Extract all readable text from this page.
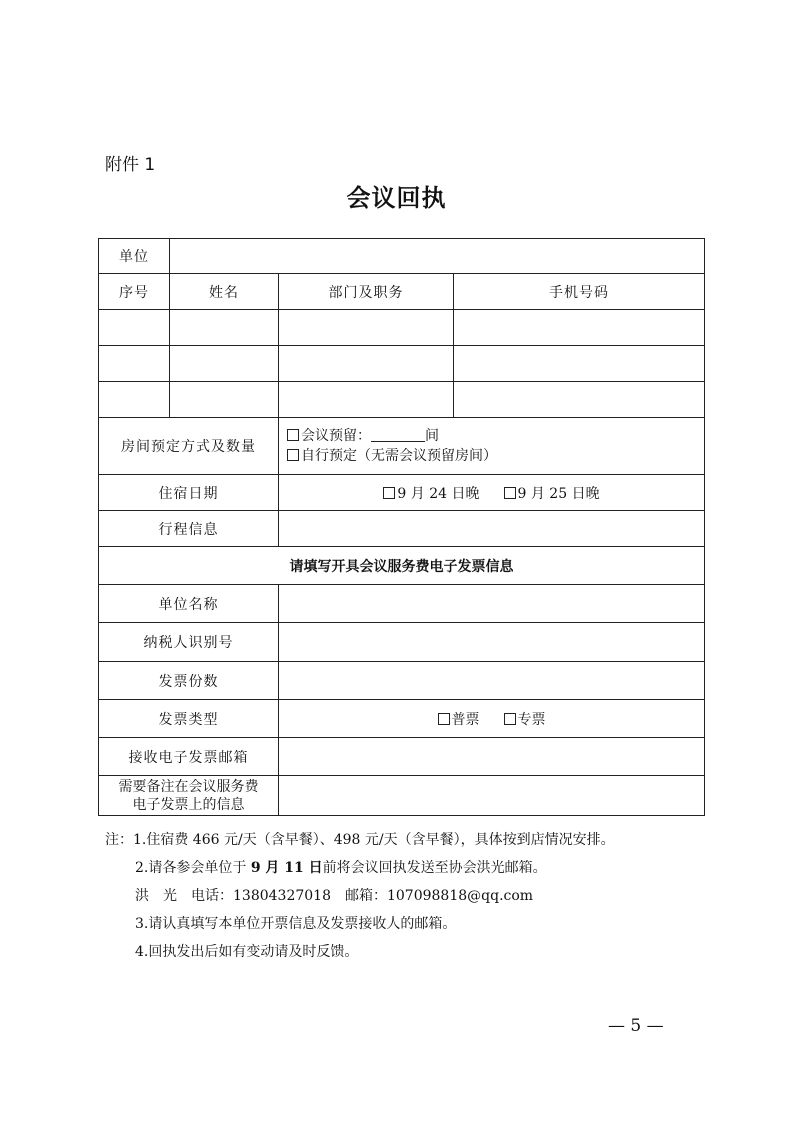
附件 1
会议回执
单位			
序号	姓名	部门及职务	手机号码

房间预定方式及数量		会议预留： 间
自行预定（无需会议预留房间）	

住宿日期		9 月 24 日晚 9 月 25 日晚	
行程信息			
请填写开具会议服务费电子发票信息			
单位名称			
纳税人识别号			
发票份数			
发票类型		普票 专票	
接收电子发票邮箱			

需要备注在会议服务费
电子发票上的信息			

注：1.住宿费 466 元/天（含早餐）、498 元/天（含早餐），具体按到店情况安排。
2.请各参会单位于 9 月 11 日前将会议回执发送至协会洪光邮箱。
洪　光　电话：13804327018　邮箱：107098818@qq.com
3.请认真填写本单位开票信息及发票接收人的邮箱。
4.回执发出后如有变动请及时反馈。
— 5 —
